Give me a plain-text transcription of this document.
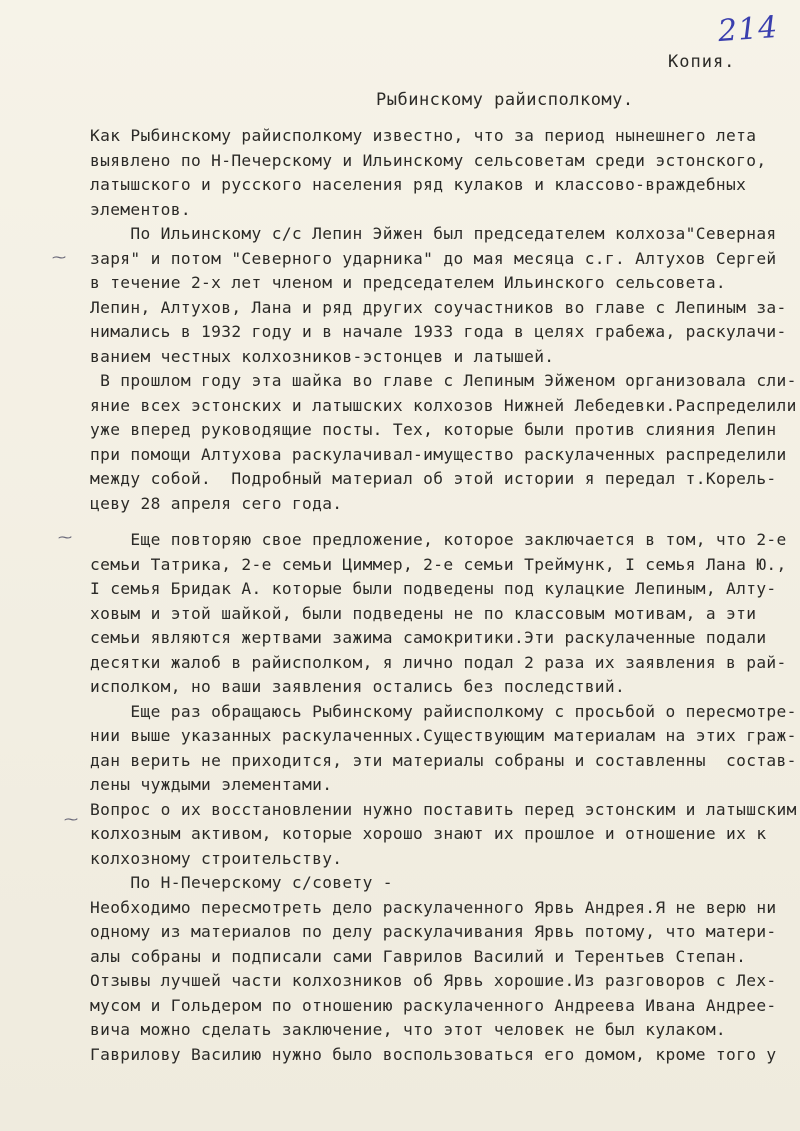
214
Копия.
Рыбинскому райисполкому.
⁓
⁓
⁓
Как Рыбинскому райисполкому известно, что за период нынешнего лета
выявлено по Н-Печерскому и Ильинскому сельсоветам среди эстонского,
латышского и русского населения ряд кулаков и классово-враждебных
элементов.
По Ильинскому с/с Лепин Эйжен был председателем колхоза"Северная
заря" и потом "Северного ударника" до мая месяца с.г. Алтухов Сергей
в течение 2-х лет членом и председателем Ильинского сельсовета.
Лепин, Алтухов, Лана и ряд других соучастников во главе с Лепиным за-
нимались в 1932 году и в начале 1933 года в целях грабежа, раскулачи-
ванием честных колхозников-эстонцев и латышей.
В прошлом году эта шайка во главе с Лепиным Эйженом организовала сли-
яние всех эстонских и латышских колхозов Нижней Лебедевки.Распределили
уже вперед руководящие посты. Тех, которые были против слияния Лепин
при помощи Алтухова раскулачивал-имущество раскулаченных распределили
между собой.  Подробный материал об этой истории я передал т.Корель-
цеву 28 апреля сего года.
Еще повторяю свое предложение, которое заключается в том, что 2-е
семьи Татрика, 2-е семьи Циммер, 2-е семьи Треймунк, I семья Лана Ю.,
I семья Бридак А. которые были подведены под кулацкие Лепиным, Алту-
ховым и этой шайкой, были подведены не по классовым мотивам, а эти
семьи являются жертвами зажима самокритики.Эти раскулаченные подали
десятки жалоб в райисполком, я лично подал 2 раза их заявления в рай-
исполком, но ваши заявления остались без последствий.
Еще раз обращаюсь Рыбинскому райисполкому с просьбой о пересмотре-
нии выше указанных раскулаченных.Существующим материалам на этих граж-
дан верить не приходится, эти материалы собраны и составленны  состав-
лены чуждыми элементами.
Вопрос о их восстановлении нужно поставить перед эстонским и латышским
колхозным активом, которые хорошо знают их прошлое и отношение их к
колхозному строительству.
По Н-Печерскому с/совету -
Необходимо пересмотреть дело раскулаченного Ярвь Андрея.Я не верю ни
одному из материалов по делу раскулачивания Ярвь потому, что матери-
алы собраны и подписали сами Гаврилов Василий и Терентьев Степан.
Отзывы лучшей части колхозников об Ярвь хорошие.Из разговоров с Лех-
мусом и Гольдером по отношению раскулаченного Андреева Ивана Андрее-
вича можно сделать заключение, что этот человек не был кулаком.
Гаврилову Василию нужно было воспользоваться его домом, кроме того у
